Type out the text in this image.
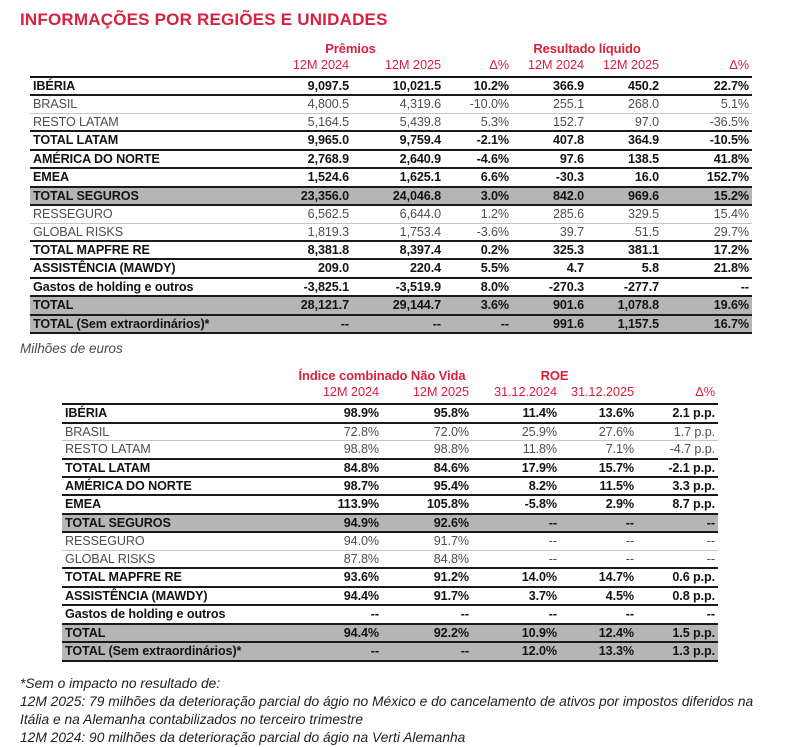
INFORMAÇÕES POR REGIÕES E UNIDADES
Prêmios	Resultado líquido
12M 2024	12M 2025	Δ%	12M 2024	12M 2025	Δ%
IBÉRIA	9,097.5	10,021.5	10.2%	366.9	450.2	22.7%
BRASIL	4,800.5	4,319.6	-10.0%	255.1	268.0	5.1%
RESTO LATAM	5,164.5	5,439.8	5.3%	152.7	97.0	-36.5%
TOTAL LATAM	9,965.0	9,759.4	-2.1%	407.8	364.9	-10.5%
AMÉRICA DO NORTE	2,768.9	2,640.9	-4.6%	97.6	138.5	41.8%
EMEA	1,524.6	1,625.1	6.6%	-30.3	16.0	152.7%
TOTAL SEGUROS	23,356.0	24,046.8	3.0%	842.0	969.6	15.2%
RESSEGURO	6,562.5	6,644.0	1.2%	285.6	329.5	15.4%
GLOBAL RISKS	1,819.3	1,753.4	-3.6%	39.7	51.5	29.7%
TOTAL MAPFRE RE	8,381.8	8,397.4	0.2%	325.3	381.1	17.2%
ASSISTÊNCIA (MAWDY)	209.0	220.4	5.5%	4.7	5.8	21.8%
Gastos de holding e outros	-3,825.1	-3,519.9	8.0%	-270.3	-277.7	--
TOTAL	28,121.7	29,144.7	3.6%	901.6	1,078.8	19.6%
TOTAL (Sem extraordinários)*	--	--	--	991.6	1,157.5	16.7%
Milhões de euros
Índice combinado Não Vida	ROE
12M 2024	12M 2025	31.12.2024	31.12.2025	Δ%
IBÉRIA	98.9%	95.8%	11.4%	13.6%	2.1 p.p.
BRASIL	72.8%	72.0%	25.9%	27.6%	1.7 p.p.
RESTO LATAM	98.8%	98.8%	11.8%	7.1%	-4.7 p.p.
TOTAL LATAM	84.8%	84.6%	17.9%	15.7%	-2.1 p.p.
AMÉRICA DO NORTE	98.7%	95.4%	8.2%	11.5%	3.3 p.p.
EMEA	113.9%	105.8%	-5.8%	2.9%	8.7 p.p.
TOTAL SEGUROS	94.9%	92.6%	--	--	--
RESSEGURO	94.0%	91.7%	--	--	--
GLOBAL RISKS	87.8%	84.8%	--	--	--
TOTAL MAPFRE RE	93.6%	91.2%	14.0%	14.7%	0.6 p.p.
ASSISTÊNCIA (MAWDY)	94.4%	91.7%	3.7%	4.5%	0.8 p.p.
Gastos de holding e outros	--	--	--	--	--
TOTAL	94.4%	92.2%	10.9%	12.4%	1.5 p.p.
TOTAL (Sem extraordinários)*	--	--	12.0%	13.3%	1.3 p.p.
*Sem o impacto no resultado de:
12M 2025: 79 milhões da deterioração parcial do ágio no México e do cancelamento de ativos por impostos diferidos na Itália e na Alemanha contabilizados no terceiro trimestre
12M 2024: 90 milhões da deterioração parcial do ágio na Verti Alemanha
